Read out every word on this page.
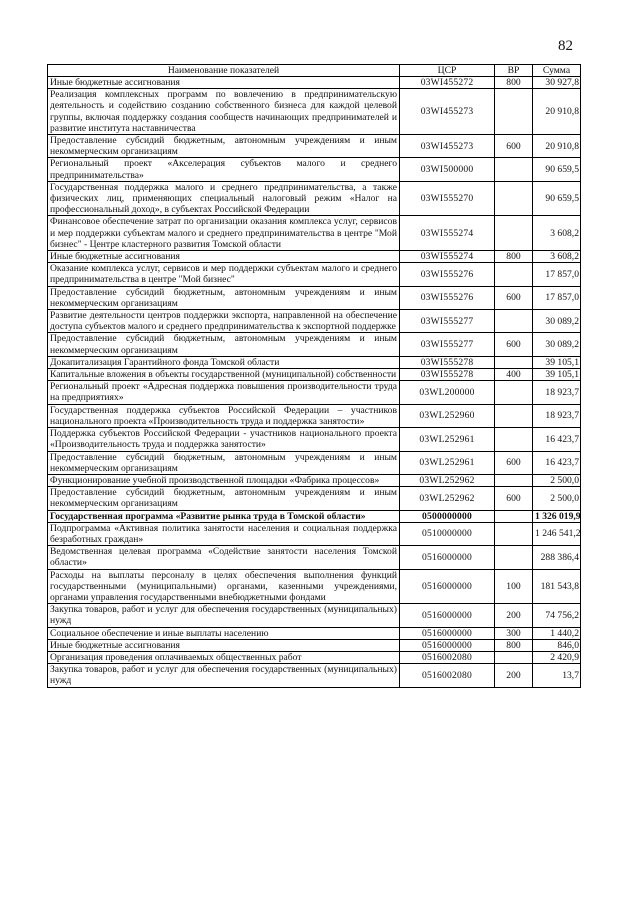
82
Наименование показателей	ЦСР	ВР	Сумма
Иные бюджетные ассигнования	03WI455272	800	30 927,8
Реализация комплексных программ по вовлечению в предпринимательскую деятельность и содействию созданию собственного бизнеса для каждой целевой группы, включая поддержку создания сообществ начинающих предпринимателей и развитие института наставничества	03WI455273		20 910,8
Предоставление субсидий бюджетным, автономным учреждениям и иным некоммерческим организациям	03WI455273	600	20 910,8
Региональный проект «Акселерация субъектов малого и среднего предпринимательства»	03WI500000		90 659,5
Государственная поддержка малого и среднего предпринимательства, а также физических лиц, применяющих специальный налоговый режим «Налог на профессиональный доход», в субъектах Российской Федерации	03WI555270		90 659,5
Финансовое обеспечение затрат по организации оказания комплекса услуг, сервисов и мер поддержки субъектам малого и среднего предпринимательства в центре "Мой бизнес" - Центре кластерного развития Томской области	03WI555274		3 608,2
Иные бюджетные ассигнования	03WI555274	800	3 608,2
Оказание комплекса услуг, сервисов и мер поддержки субъектам малого и среднего предпринимательства в центре "Мой бизнес"	03WI555276		17 857,0
Предоставление субсидий бюджетным, автономным учреждениям и иным некоммерческим организациям	03WI555276	600	17 857,0
Развитие деятельности центров поддержки экспорта, направленной на обеспечение доступа субъектов малого и среднего предпринимательства к экспортной поддержке	03WI555277		30 089,2
Предоставление субсидий бюджетным, автономным учреждениям и иным некоммерческим организациям	03WI555277	600	30 089,2
Докапитализация Гарантийного фонда Томской области	03WI555278		39 105,1
Капитальные вложения в объекты государственной (муниципальной) собственности	03WI555278	400	39 105,1
Региональный проект «Адресная поддержка повышения производительности труда на предприятиях»	03WL200000		18 923,7
Государственная поддержка субъектов Российской Федерации – участников национального проекта «Производительность труда и поддержка занятости»	03WL252960		18 923,7
Поддержка субъектов Российской Федерации - участников национального проекта «Производительность труда и поддержка занятости»	03WL252961		16 423,7
Предоставление субсидий бюджетным, автономным учреждениям и иным некоммерческим организациям	03WL252961	600	16 423,7
Функционирование учебной производственной площадки «Фабрика процессов»	03WL252962		2 500,0
Предоставление субсидий бюджетным, автономным учреждениям и иным некоммерческим организациям	03WL252962	600	2 500,0
Государственная программа «Развитие рынка труда в Томской области»	0500000000		1 326 019,9
Подпрограмма «Активная политика занятости населения и социальная поддержка безработных граждан»	0510000000		1 246 541,2
Ведомственная целевая программа «Содействие занятости населения Томской области»	0516000000		288 386,4
Расходы на выплаты персоналу в целях обеспечения выполнения функций государственными (муниципальными) органами, казенными учреждениями, органами управления государственными внебюджетными фондами	0516000000	100	181 543,8
Закупка товаров, работ и услуг для обеспечения государственных (муниципальных) нужд	0516000000	200	74 756,2
Социальное обеспечение и иные выплаты населению	0516000000	300	1 440,2
Иные бюджетные ассигнования	0516000000	800	846,0
Организация проведения оплачиваемых общественных работ	0516002080		2 420,9
Закупка товаров, работ и услуг для обеспечения государственных (муниципальных) нужд	0516002080	200	13,7
